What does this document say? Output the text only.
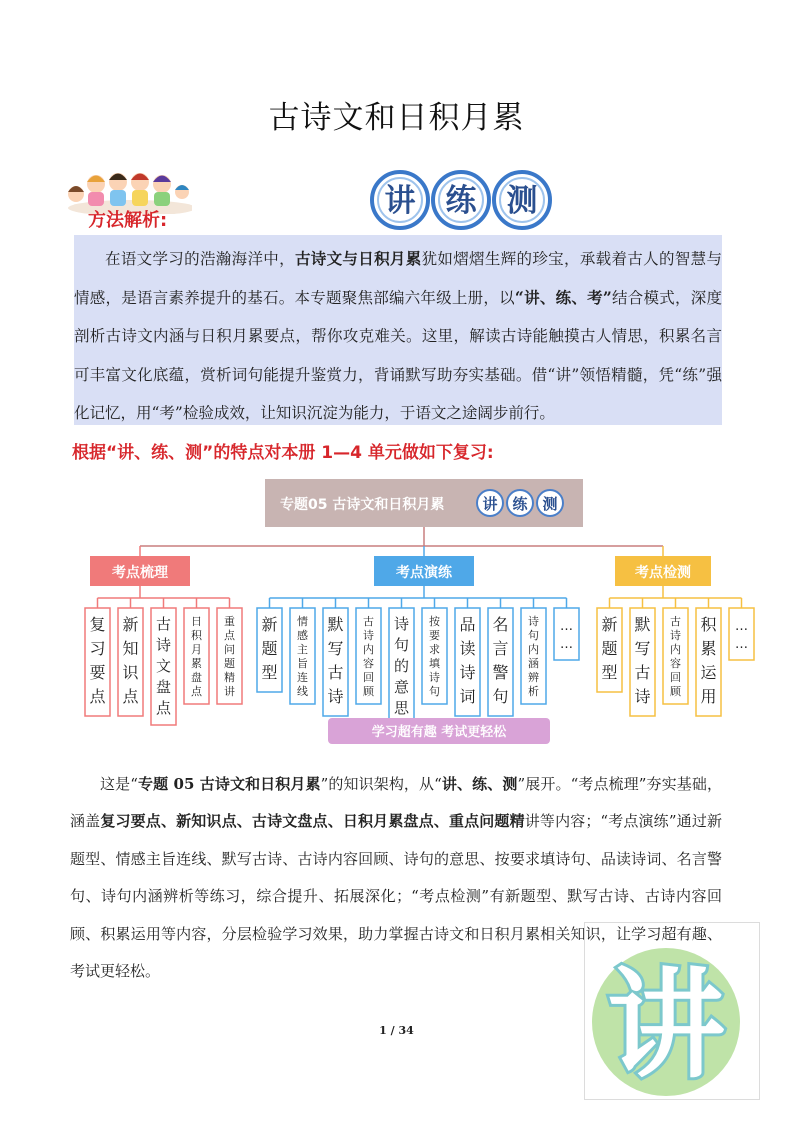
古诗文和日积月累
方法解析:
讲 练 测
在语文学习的浩瀚海洋中，古诗文与日积月累犹如熠熠生辉的珍宝，承载着古人的智慧与情感，是语言素养提升的基石。本专题聚焦部编六年级上册，以“讲、练、考”结合模式，深度剖析古诗文内涵与日积月累要点，帮你攻克难关。这里，解读古诗能触摸古人情思，积累名言可丰富文化底蕴，赏析词句能提升鉴赏力，背诵默写助夯实基础。借“讲”领悟精髓，凭“练”强化记忆，用“考”检验成效，让知识沉淀为能力，于语文之途阔步前行。
根据“讲、练、测”的特点对本册 1—4 单元做如下复习:
专题05 古诗文和日积月累	讲 练 测
考点梳理
复
习
要
点
新
知
识
点
古
诗
文
盘
点
日
积
月
累
盘
点
重
点
问
题
精
讲
考点演练
新
题
型
情
感
主
旨
连
线
默
写
古
诗
古
诗
内
容
回
顾
诗
句
的
意
思
按
要
求
填
诗
句
品
读
诗
词
名
言
警
句
诗
句
内
涵
辨
析
…
…
考点检测
新
题
型
默
写
古
诗
古
诗
内
容
回
顾
积
累
运
用
…
…
学习超有趣 考试更轻松
这是“专题 05 古诗文和日积月累”的知识架构，从“讲、练、测”展开。“考点梳理”夯实基础，涵盖复习要点、新知识点、古诗文盘点、日积月累盘点、重点问题精讲等内容；“考点演练”通过新题型、情感主旨连线、默写古诗、古诗内容回顾、诗句的意思、按要求填诗句、品读诗词、名言警句、诗句内涵辨析等练习，综合提升、拓展深化；“考点检测”有新题型、默写古诗、古诗内容回顾、积累运用等内容，分层检验学习效果，助力掌握古诗文和日积月累相关知识，让学习超有趣、考试更轻松。
1 / 34	讲
